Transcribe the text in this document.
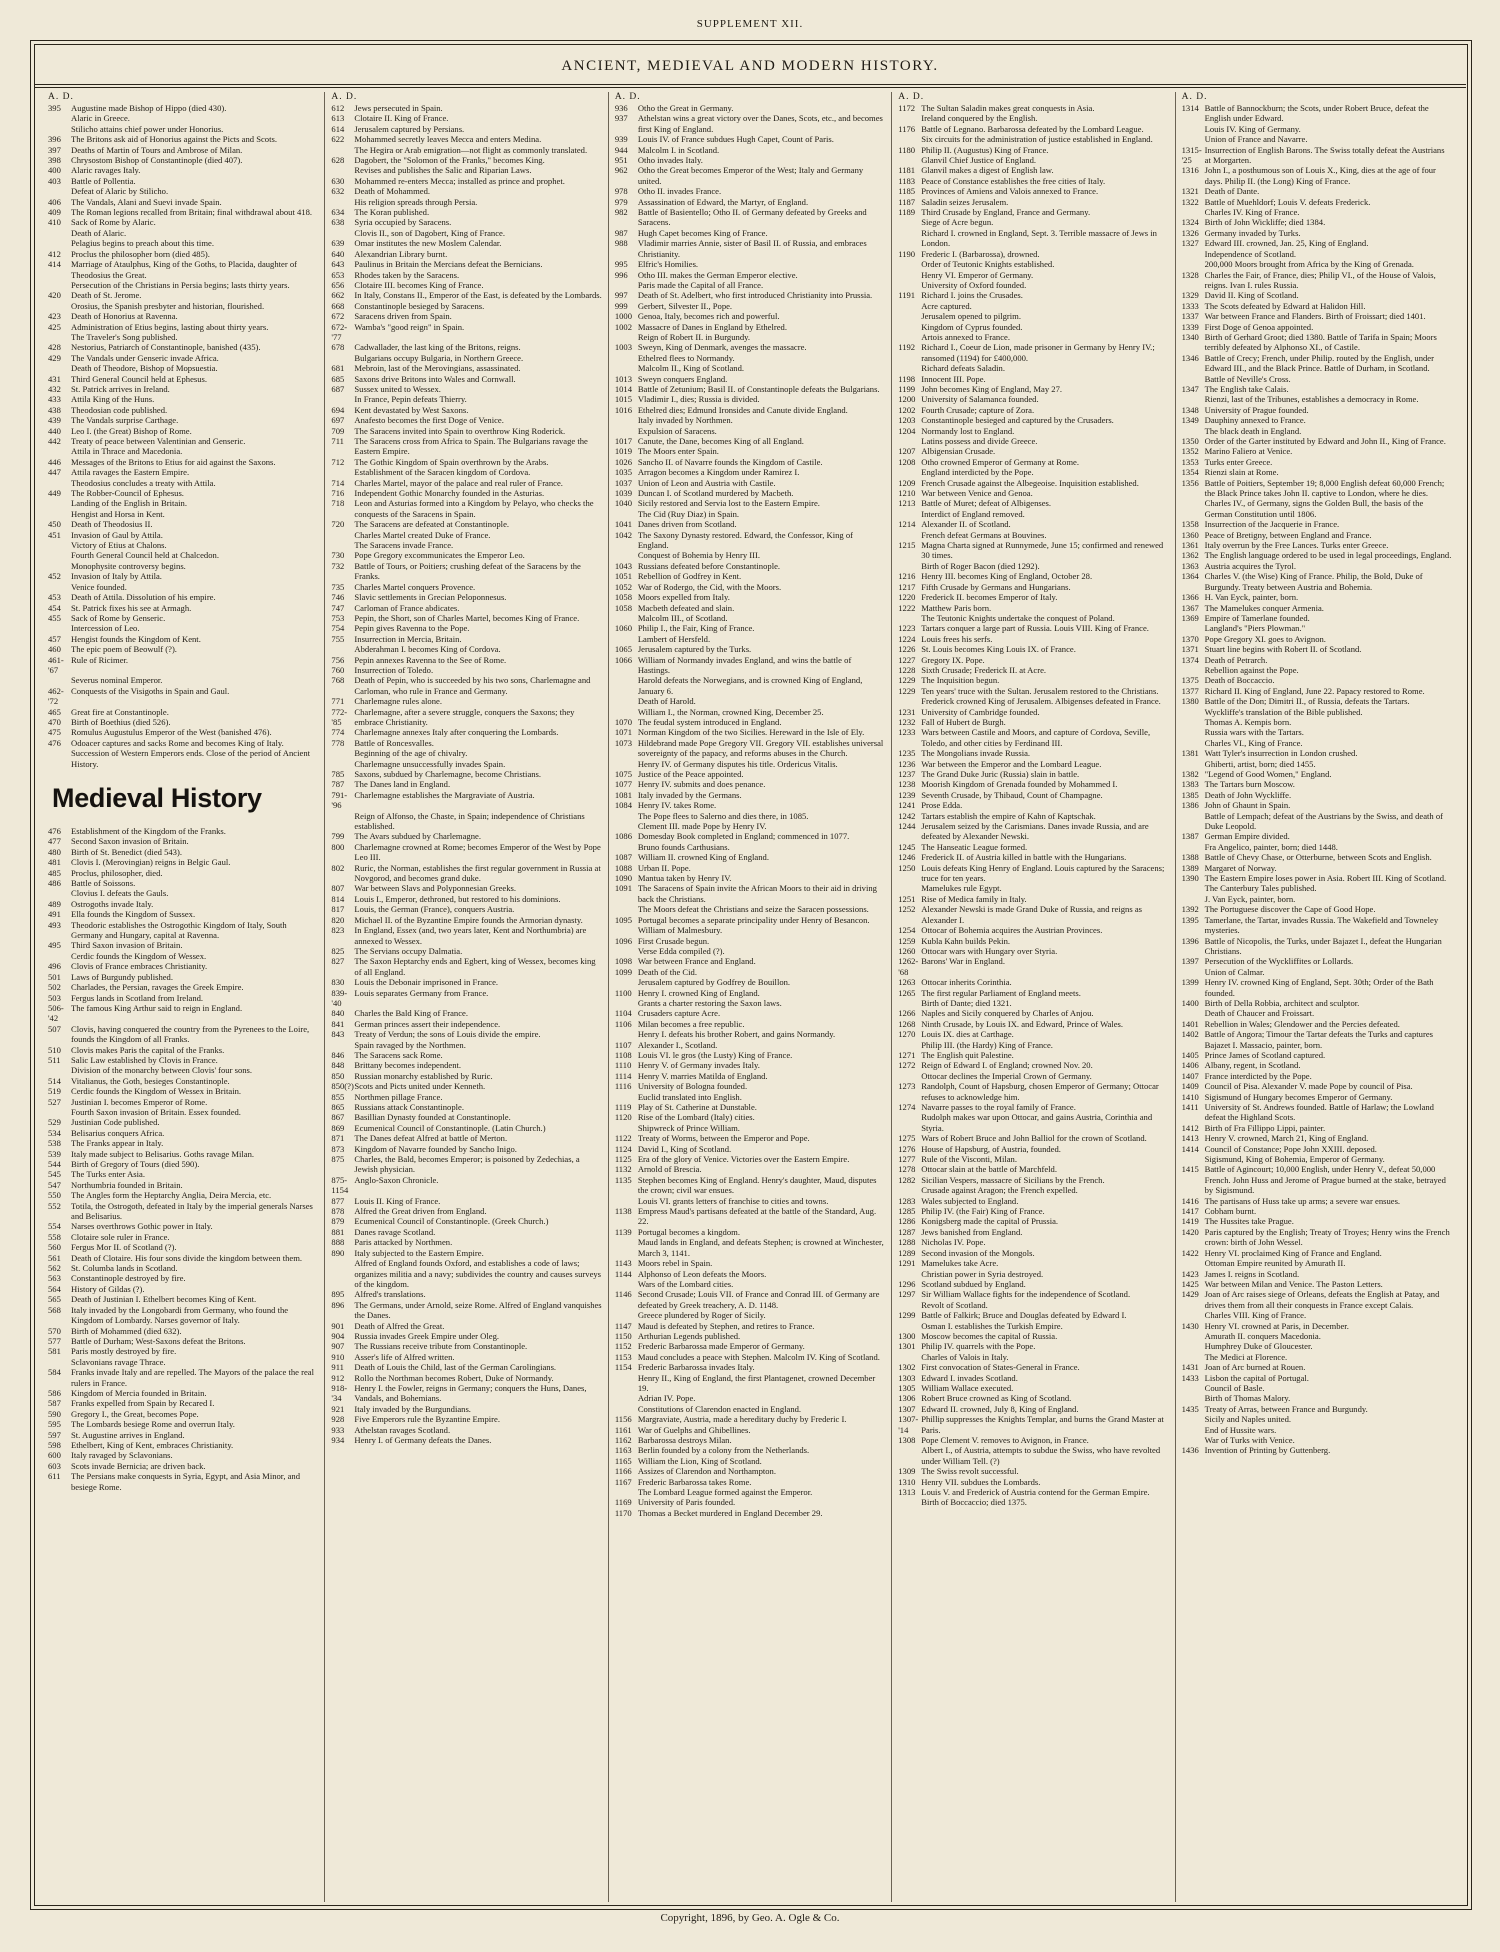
SUPPLEMENT XII.
ANCIENT, MEDIEVAL AND MODERN HISTORY.
A. D.
395	Augustine made Bishop of Hippo (died 430).
Alaric in Greece.
Stilicho attains chief power under Honorius.
396	The Britons ask aid of Honorius against the Picts and Scots.
397	Deaths of Martin of Tours and Ambrose of Milan.
398	Chrysostom Bishop of Constantinople (died 407).
400	Alaric ravages Italy.
403	Battle of Pollentia.
Defeat of Alaric by Stilicho.
406	The Vandals, Alani and Suevi invade Spain.
409	The Roman legions recalled from Britain; final withdrawal about 418.
410	Sack of Rome by Alaric.
Death of Alaric.
Pelagius begins to preach about this time.
412	Proclus the philosopher born (died 485).
414	Marriage of Ataulphus, King of the Goths, to Placida, daughter of Theodosius the Great.
Persecution of the Christians in Persia begins; lasts thirty years.
420	Death of St. Jerome.
Orosius, the Spanish presbyter and historian, flourished.
423	Death of Honorius at Ravenna.
425	Administration of Etius begins, lasting about thirty years.
The Traveler's Song published.
428	Nestorius, Patriarch of Constantinople, banished (435).
429	The Vandals under Genseric invade Africa.
Death of Theodore, Bishop of Mopsuestia.
431	Third General Council held at Ephesus.
432	St. Patrick arrives in Ireland.
433	Attila King of the Huns.
438	Theodosian code published.
439	The Vandals surprise Carthage.
440	Leo I. (the Great) Bishop of Rome.
442	Treaty of peace between Valentinian and Genseric.
Attila in Thrace and Macedonia.
446	Messages of the Britons to Etius for aid against the Saxons.
447	Attila ravages the Eastern Empire.
Theodosius concludes a treaty with Attila.
449	The Robber-Council of Ephesus.
Landing of the English in Britain.
Hengist and Horsa in Kent.
450	Death of Theodosius II.
451	Invasion of Gaul by Attila.
Victory of Etius at Chalons.
Fourth General Council held at Chalcedon.
Monophysite controversy begins.
452	Invasion of Italy by Attila.
Venice founded.
453	Death of Attila. Dissolution of his empire.
454	St. Patrick fixes his see at Armagh.
455	Sack of Rome by Genseric.
Intercession of Leo.
457	Hengist founds the Kingdom of Kent.
460	The epic poem of Beowulf (?).
461-'67
Rule of Ricimer.
Severus nominal Emperor.
462-'72
Conquests of the Visigoths in Spain and Gaul.
465	Great fire at Constantinople.
470	Birth of Boethius (died 526).
475	Romulus Augustulus Emperor of the West (banished 476).
476	Odoacer captures and sacks Rome and becomes King of Italy.
Succession of Western Emperors ends. Close of the period of Ancient History.
Medieval History
476	Establishment of the Kingdom of the Franks.
477	Second Saxon invasion of Britain.
480	Birth of St. Benedict (died 543).
481	Clovis I. (Merovingian) reigns in Belgic Gaul.
485	Proclus, philosopher, died.
486	Battle of Soissons.
Clovius I. defeats the Gauls.
489	Ostrogoths invade Italy.
491	Ella founds the Kingdom of Sussex.
493	Theodoric establishes the Ostrogothic Kingdom of Italy, South Germany and Hungary, capital at Ravenna.
495	Third Saxon invasion of Britain.
Cerdic founds the Kingdom of Wessex.
496	Clovis of France embraces Christianity.
501	Laws of Burgundy published.
502	Charlades, the Persian, ravages the Greek Empire.
503	Fergus lands in Scotland from Ireland.
506-'42
The famous King Arthur said to reign in England.
507	Clovis, having conquered the country from the Pyrenees to the Loire, founds the Kingdom of all Franks.
510	Clovis makes Paris the capital of the Franks.
511	Salic Law established by Clovis in France.
Division of the monarchy between Clovis' four sons.
514	Vitalianus, the Goth, besieges Constantinople.
519	Cerdic founds the Kingdom of Wessex in Britain.
527	Justinian I. becomes Emperor of Rome.
Fourth Saxon invasion of Britain. Essex founded.
529	Justinian Code published.
534	Belisarius conquers Africa.
538	The Franks appear in Italy.
539	Italy made subject to Belisarius. Goths ravage Milan.
544	Birth of Gregory of Tours (died 590).
545	The Turks enter Asia.
547	Northumbria founded in Britain.
550	The Angles form the Heptarchy Anglia, Deira Mercia, etc.
552	Totila, the Ostrogoth, defeated in Italy by the imperial generals Narses and Belisarius.
554	Narses overthrows Gothic power in Italy.
558	Clotaire sole ruler in France.
560	Fergus Mor II. of Scotland (?).
561	Death of Clotaire. His four sons divide the kingdom between them.
562	St. Columba lands in Scotland.
563	Constantinople destroyed by fire.
564	History of Gildas (?).
565	Death of Justinian I. Ethelbert becomes King of Kent.
568	Italy invaded by the Longobardi from Germany, who found the Kingdom of Lombardy. Narses governor of Italy.
570	Birth of Mohammed (died 632).
577	Battle of Durham; West-Saxons defeat the Britons.
581	Paris mostly destroyed by fire.
Sclavonians ravage Thrace.
584	Franks invade Italy and are repelled. The Mayors of the palace the real rulers in France.
586	Kingdom of Mercia founded in Britain.
587	Franks expelled from Spain by Recared I.
590	Gregory I., the Great, becomes Pope.
595	The Lombards besiege Rome and overrun Italy.
597	St. Augustine arrives in England.
598	Ethelbert, King of Kent, embraces Christianity.
600	Italy ravaged by Sclavonians.
603	Scots invade Bernicia; are driven back.
611	The Persians make conquests in Syria, Egypt, and Asia Minor, and besiege Rome.
A. D.
612	Jews persecuted in Spain.
613	Clotaire II. King of France.
614	Jerusalem captured by Persians.
622	Mohammed secretly leaves Mecca and enters Medina.
The Hegira or Arab emigration—not flight as commonly translated.
628	Dagobert, the "Solomon of the Franks," becomes King.
Revises and publishes the Salic and Riparian Laws.
630	Mohammed re-enters Mecca; installed as prince and prophet.
632	Death of Mohammed.
His religion spreads through Persia.
634	The Koran published.
638	Syria occupied by Saracens.
Clovis II., son of Dagobert, King of France.
639	Omar institutes the new Moslem Calendar.
640	Alexandrian Library burnt.
643	Paulinus in Britain the Mercians defeat the Bernicians.
653	Rhodes taken by the Saracens.
656	Clotaire III. becomes King of France.
662	In Italy, Constans II., Emperor of the East, is defeated by the Lombards.
668	Constantinople besieged by Saracens.
672	Saracens driven from Spain.
672-'77
Wamba's "good reign" in Spain.
678	Cadwallader, the last king of the Britons, reigns.
Bulgarians occupy Bulgaria, in Northern Greece.
681	Mebroin, last of the Merovingians, assassinated.
685	Saxons drive Britons into Wales and Cornwall.
687	Sussex united to Wessex.
In France, Pepin defeats Thierry.
694	Kent devastated by West Saxons.
697	Anafesto becomes the first Doge of Venice.
709	The Saracens invited into Spain to overthrow King Roderick.
711	The Saracens cross from Africa to Spain. The Bulgarians ravage the Eastern Empire.
712	The Gothic Kingdom of Spain overthrown by the Arabs.
Establishment of the Saracen kingdom of Cordova.
714	Charles Martel, mayor of the palace and real ruler of France.
716	Independent Gothic Monarchy founded in the Asturias.
718	Leon and Asturias formed into a Kingdom by Pelayo, who checks the conquests of the Saracens in Spain.
720	The Saracens are defeated at Constantinople.
Charles Martel created Duke of France.
The Saracens invade France.
730	Pope Gregory excommunicates the Emperor Leo.
732	Battle of Tours, or Poitiers; crushing defeat of the Saracens by the Franks.
735	Charles Martel conquers Provence.
746	Slavic settlements in Grecian Peloponnesus.
747	Carloman of France abdicates.
753	Pepin, the Short, son of Charles Martel, becomes King of France.
754	Pepin gives Ravenna to the Pope.
755	Insurrection in Mercia, Britain.
Abderahman I. becomes King of Cordova.
756	Pepin annexes Ravenna to the See of Rome.
760	Insurrection of Toledo.
768	Death of Pepin, who is succeeded by his two sons, Charlemagne and Carloman, who rule in France and Germany.
771	Charlemagne rules alone.
772-'85
Charlemagne, after a severe struggle, conquers the Saxons; they embrace Christianity.
774	Charlemagne annexes Italy after conquering the Lombards.
778	Battle of Roncesvalles.
Beginning of the age of chivalry.
Charlemagne unsuccessfully invades Spain.
785	Saxons, subdued by Charlemagne, become Christians.
787	The Danes land in England.
791-'96
Charlemagne establishes the Margraviate of Austria.
Reign of Alfonso, the Chaste, in Spain; independence of Christians established.
799	The Avars subdued by Charlemagne.
800	Charlemagne crowned at Rome; becomes Emperor of the West by Pope Leo III.
802	Ruric, the Norman, establishes the first regular government in Russia at Novgorod, and becomes grand duke.
807	War between Slavs and Polyponnesian Greeks.
814	Louis I., Emperor, dethroned, but restored to his dominions.
817	Louis, the German (France), conquers Austria.
820	Michael II. of the Byzantine Empire founds the Armorian dynasty.
823	In England, Essex (and, two years later, Kent and Northumbria) are annexed to Wessex.
825	The Servians occupy Dalmatia.
827	The Saxon Heptarchy ends and Egbert, king of Wessex, becomes king of all England.
830	Louis the Debonair imprisoned in France.
839-'40
Louis separates Germany from France.
840	Charles the Bald King of France.
841	German princes assert their independence.
843	Treaty of Verdun; the sons of Louis divide the empire.
Spain ravaged by the Northmen.
846	The Saracens sack Rome.
848	Brittany becomes independent.
850	Russian monarchy established by Ruric.
850(?) Scots and Picts united under Kenneth.
855	Northmen pillage France.
865	Russians attack Constantinople.
867	Basillian Dynasty founded at Constantinople.
869	Ecumenical Council of Constantinople. (Latin Church.)
871	The Danes defeat Alfred at battle of Merton.
873	Kingdom of Navarre founded by Sancho Inigo.
875	Charles, the Bald, becomes Emperor; is poisoned by Zedechias, a Jewish physician.
875-1154
Anglo-Saxon Chronicle.
877	Louis II. King of France.
878	Alfred the Great driven from England.
879	Ecumenical Council of Constantinople. (Greek Church.)
881	Danes ravage Scotland.
888	Paris attacked by Northmen.
890	Italy subjected to the Eastern Empire.
Alfred of England founds Oxford, and establishes a code of laws; organizes militia and a navy; subdivides the country and causes surveys of the kingdom.
895	Alfred's translations.
896	The Germans, under Arnold, seize Rome. Alfred of England vanquishes the Danes.
901	Death of Alfred the Great.
904	Russia invades Greek Empire under Oleg.
907	The Russians receive tribute from Constantinople.
910	Asser's life of Alfred written.
911	Death of Louis the Child, last of the German Carolingians.
912	Rollo the Northman becomes Robert, Duke of Normandy.
918-'34
Henry I. the Fowler, reigns in Germany; conquers the Huns, Danes, Vandals, and Bohemians.
921	Italy invaded by the Burgundians.
928	Five Emperors rule the Byzantine Empire.
933	Athelstan ravages Scotland.
934	Henry I. of Germany defeats the Danes.
A. D.
936	Otho the Great in Germany.
937	Athelstan wins a great victory over the Danes, Scots, etc., and becomes first King of England.
939	Louis IV. of France subdues Hugh Capet, Count of Paris.
944	Malcolm I. in Scotland.
951	Otho invades Italy.
962	Otho the Great becomes Emperor of the West; Italy and Germany united.
978	Otho II. invades France.
979	Assassination of Edward, the Martyr, of England.
982	Battle of Basientello; Otho II. of Germany defeated by Greeks and Saracens.
987	Hugh Capet becomes King of France.
988	Vladimir marries Annie, sister of Basil II. of Russia, and embraces Christianity.
995	Elfric's Homilies.
996	Otho III. makes the German Emperor elective.
Paris made the Capital of all France.
997	Death of St. Adelbert, who first introduced Christianity into Prussia.
999	Gerbert, Silvester II., Pope.
1000 Genoa, Italy, becomes rich and powerful.
1002 Massacre of Danes in England by Ethelred.
Reign of Robert II. in Burgundy.
1003 Sweyn, King of Denmark, avenges the massacre.
Ethelred flees to Normandy.
Malcolm II., King of Scotland.
1013 Sweyn conquers England.
1014 Battle of Zetunium; Basil II. of Constantinople defeats the Bulgarians.
1015 Vladimir I., dies; Russia is divided.
1016 Ethelred dies; Edmund Ironsides and Canute divide England.
Italy invaded by Northmen.
Expulsion of Saracens.
1017 Canute, the Dane, becomes King of all England.
1019 The Moors enter Spain.
1026 Sancho II. of Navarre founds the Kingdom of Castile.
1035 Arragon becomes a Kingdom under Ramirez I.
1037 Union of Leon and Austria with Castile.
1039 Duncan I. of Scotland murdered by Macbeth.
1040 Sicily restored and Servia lost to the Eastern Empire.
The Cid (Ruy Diaz) in Spain.
1041 Danes driven from Scotland.
1042 The Saxony Dynasty restored. Edward, the Confessor, King of England.
Conquest of Bohemia by Henry III.
1043 Russians defeated before Constantinople.
1051 Rebellion of Godfrey in Kent.
1052 War of Rodergo, the Cid, with the Moors.
1058 Moors expelled from Italy.
1058 Macbeth defeated and slain.
Malcolm III., of Scotland.
1060 Philip I., the Fair, King of France.
Lambert of Hersfeld.
1065 Jerusalem captured by the Turks.
1066 William of Normandy invades England, and wins the battle of Hastings.
Harold defeats the Norwegians, and is crowned King of England, January 6.
Death of Harold.
William I., the Norman, crowned King, December 25.
1070 The feudal system introduced in England.
1071 Norman Kingdom of the two Sicilies. Hereward in the Isle of Ely.
1073 Hildebrand made Pope Gregory VII. Gregory VII. establishes universal sovereignty of the papacy, and reforms abuses in the Church.
Henry IV. of Germany disputes his title. Ordericus Vitalis.
1075 Justice of the Peace appointed.
1077 Henry IV. submits and does penance.
1081 Italy invaded by the Germans.
1084 Henry IV. takes Rome.
The Pope flees to Salerno and dies there, in 1085.
Clement III. made Pope by Henry IV.
1086 Domesday Book completed in England; commenced in 1077.
Bruno founds Carthusians.
1087 William II. crowned King of England.
1088 Urban II. Pope.
1090 Mantua taken by Henry IV.
1091 The Saracens of Spain invite the African Moors to their aid in driving back the Christians.
The Moors defeat the Christians and seize the Saracen possessions.
1095 Portugal becomes a separate principality under Henry of Besancon.
William of Malmesbury.
1096 First Crusade begun.
Verse Edda compiled (?).
1098 War between France and England.
1099 Death of the Cid.
Jerusalem captured by Godfrey de Bouillon.
1100 Henry I. crowned King of England.
Grants a charter restoring the Saxon laws.
1104 Crusaders capture Acre.
1106 Milan becomes a free republic.
Henry I. defeats his brother Robert, and gains Normandy.
1107 Alexander I., Scotland.
1108 Louis VI. le gros (the Lusty) King of France.
1110 Henry V. of Germany invades Italy.
1114 Henry V. marries Matilda of England.
1116 University of Bologna founded.
Euclid translated into English.
1119 Play of St. Catherine at Dunstable.
1120 Rise of the Lombard (Italy) cities.
Shipwreck of Prince William.
1122 Treaty of Worms, between the Emperor and Pope.
1124 David I., King of Scotland.
1125 Era of the glory of Venice. Victories over the Eastern Empire.
1132 Arnold of Brescia.
1135 Stephen becomes King of England. Henry's daughter, Maud, disputes the crown; civil war ensues.
Louis VI. grants letters of franchise to cities and towns.
1138 Empress Maud's partisans defeated at the battle of the Standard, Aug. 22.
1139 Portugal becomes a kingdom.
Maud lands in England, and defeats Stephen; is crowned at Winchester, March 3, 1141.
1143 Moors rebel in Spain.
1144 Alphonso of Leon defeats the Moors.
Wars of the Lombard cities.
1146 Second Crusade; Louis VII. of France and Conrad III. of Germany are defeated by Greek treachery, A. D. 1148.
Greece plundered by Roger of Sicily.
1147 Maud is defeated by Stephen, and retires to France.
1150 Arthurian Legends published.
1152 Frederic Barbarossa made Emperor of Germany.
1153 Maud concludes a peace with Stephen. Malcolm IV. King of Scotland.
1154 Frederic Barbarossa invades Italy.
Henry II., King of England, the first Plantagenet, crowned December 19.
Adrian IV. Pope.
Constitutions of Clarendon enacted in England.
1156 Margraviate, Austria, made a hereditary duchy by Frederic I.
1161 War of Guelphs and Ghibellines.
1162 Barbarossa destroys Milan.
1163 Berlin founded by a colony from the Netherlands.
1165 William the Lion, King of Scotland.
1166 Assizes of Clarendon and Northampton.
1167 Frederic Barbarossa takes Rome.
The Lombard League formed against the Emperor.
1169 University of Paris founded.
1170 Thomas a Becket murdered in England December 29.
A. D.
1172 The Sultan Saladin makes great conquests in Asia.
Ireland conquered by the English.
1176 Battle of Legnano. Barbarossa defeated by the Lombard League.
Six circuits for the administration of justice established in England.
1180 Philip II. (Augustus) King of France.
Glanvil Chief Justice of England.
1181 Glanvil makes a digest of English law.
1183 Peace of Constance establishes the free cities of Italy.
1185 Provinces of Amiens and Valois annexed to France.
1187 Saladin seizes Jerusalem.
1189 Third Crusade by England, France and Germany.
Siege of Acre begun.
Richard I. crowned in England, Sept. 3. Terrible massacre of Jews in London.
1190 Frederic I. (Barbarossa), drowned.
Order of Teutonic Knights established.
Henry VI. Emperor of Germany.
University of Oxford founded.
1191 Richard I. joins the Crusades.
Acre captured.
Jerusalem opened to pilgrim.
Kingdom of Cyprus founded.
Artois annexed to France.
1192 Richard I., Coeur de Lion, made prisoner in Germany by Henry IV.; ransomed (1194) for £400,000.
Richard defeats Saladin.
1198 Innocent III. Pope.
1199 John becomes King of England, May 27.
1200 University of Salamanca founded.
1202 Fourth Crusade; capture of Zora.
1203 Constantinople besieged and captured by the Crusaders.
1204 Normandy lost to England.
Latins possess and divide Greece.
1207 Albigensian Crusade.
1208 Otho crowned Emperor of Germany at Rome.
England interdicted by the Pope.
1209 French Crusade against the Albegeoise. Inquisition established.
1210 War between Venice and Genoa.
1213 Battle of Muret; defeat of Albigenses.
Interdict of England removed.
1214 Alexander II. of Scotland.
French defeat Germans at Bouvines.
1215 Magna Charta signed at Runnymede, June 15; confirmed and renewed 30 times.
Birth of Roger Bacon (died 1292).
1216 Henry III. becomes King of England, October 28.
1217 Fifth Crusade by Germans and Hungarians.
1220 Frederick II. becomes Emperor of Italy.
1222 Matthew Paris born.
The Teutonic Knights undertake the conquest of Poland.
1223 Tartars conquer a large part of Russia. Louis VIII. King of France.
1224 Louis frees his serfs.
1226 St. Louis becomes King Louis IX. of France.
1227 Gregory IX. Pope.
1228 Sixth Crusade; Frederick II. at Acre.
1229 The Inquisition begun.
1229 Ten years' truce with the Sultan. Jerusalem restored to the Christians. Frederick crowned King of Jerusalem. Albigenses defeated in France.
1231 University of Cambridge founded.
1232 Fall of Hubert de Burgh.
1233 Wars between Castile and Moors, and capture of Cordova, Seville, Toledo, and other cities by Ferdinand III.
1235 The Mongolians invade Russia.
1236 War between the Emperor and the Lombard League.
1237 The Grand Duke Juric (Russia) slain in battle.
1238 Moorish Kingdom of Grenada founded by Mohammed I.
1239 Seventh Crusade, by Thibaud, Count of Champagne.
1241 Prose Edda.
1242 Tartars establish the empire of Kahn of Kaptschak.
1244 Jerusalem seized by the Carismians. Danes invade Russia, and are defeated by Alexander Newski.
1245 The Hanseatic League formed.
1246 Frederick II. of Austria killed in battle with the Hungarians.
1250 Louis defeats King Henry of England. Louis captured by the Saracens; truce for ten years.
Mamelukes rule Egypt.
1251 Rise of Medica family in Italy.
1252 Alexander Newski is made Grand Duke of Russia, and reigns as Alexander I.
1254 Ottocar of Bohemia acquires the Austrian Provinces.
1259 Kubla Kahn builds Pekin.
1260 Ottocar wars with Hungary over Styria.
1262-'68
Barons' War in England.
1263 Ottocar inherits Corinthia.
1265 The first regular Parliament of England meets.
Birth of Dante; died 1321.
1266 Naples and Sicily conquered by Charles of Anjou.
1268 Ninth Crusade, by Louis IX. and Edward, Prince of Wales.
1270 Louis IX. dies at Carthage.
Philip III. (the Hardy) King of France.
1271 The English quit Palestine.
1272 Reign of Edward I. of England; crowned Nov. 20.
Ottocar declines the Imperial Crown of Germany.
1273 Randolph, Count of Hapsburg, chosen Emperor of Germany; Ottocar refuses to acknowledge him.
1274 Navarre passes to the royal family of France.
Rudolph makes war upon Ottocar, and gains Austria, Corinthia and Styria.
1275 Wars of Robert Bruce and John Balliol for the crown of Scotland.
1276 House of Hapsburg, of Austria, founded.
1277 Rule of the Visconti, Milan.
1278 Ottocar slain at the battle of Marchfeld.
1282 Sicilian Vespers, massacre of Sicilians by the French.
Crusade against Aragon; the French expelled.
1283 Wales subjected to England.
1285 Philip IV. (the Fair) King of France.
1286 Konigsberg made the capital of Prussia.
1287 Jews banished from England.
1288 Nicholas IV. Pope.
1289 Second invasion of the Mongols.
1291 Mamelukes take Acre.
Christian power in Syria destroyed.
1296 Scotland subdued by England.
1297 Sir William Wallace fights for the independence of Scotland.
Revolt of Scotland.
1299 Battle of Falkirk; Bruce and Douglas defeated by Edward I.
Osman I. establishes the Turkish Empire.
1300 Moscow becomes the capital of Russia.
1301 Philip IV. quarrels with the Pope.
Charles of Valois in Italy.
1302 First convocation of States-General in France.
1303 Edward I. invades Scotland.
1305 William Wallace executed.
1306 Robert Bruce crowned as King of Scotland.
1307 Edward II. crowned, July 8, King of England.
1307-'14
Phillip suppresses the Knights Templar, and burns the Grand Master at Paris.
1308 Pope Clement V. removes to Avignon, in France.
Albert I., of Austria, attempts to subdue the Swiss, who have revolted under William Tell. (?)
1309 The Swiss revolt successful.
1310 Henry VII. subdues the Lombards.
1313 Louis V. and Frederick of Austria contend for the German Empire.
Birth of Boccaccio; died 1375.
A. D.
1314 Battle of Bannockburn; the Scots, under Robert Bruce, defeat the English under Edward.
Louis IV. King of Germany.
Union of France and Navarre.
1315-'25
Insurrection of English Barons. The Swiss totally defeat the Austrians at Morgarten.
1316 John I., a posthumous son of Louis X., King, dies at the age of four days. Philip II. (the Long) King of France.
1321 Death of Dante.
1322 Battle of Muehldorf; Louis V. defeats Frederick.
Charles IV. King of France.
1324 Birth of John Wickliffe; died 1384.
1326 Germany invaded by Turks.
1327 Edward III. crowned, Jan. 25, King of England.
Independence of Scotland.
200,000 Moors brought from Africa by the King of Grenada.
1328 Charles the Fair, of France, dies; Philip VI., of the House of Valois, reigns. Ivan I. rules Russia.
1329 David II. King of Scotland.
1333 The Scots defeated by Edward at Halidon Hill.
1337 War between France and Flanders. Birth of Froissart; died 1401.
1339 First Doge of Genoa appointed.
1340 Birth of Gerhard Groot; died 1380. Battle of Tarifa in Spain; Moors terribly defeated by Alphonso XI., of Castile.
1346 Battle of Crecy; French, under Philip. routed by the English, under Edward III., and the Black Prince. Battle of Durham, in Scotland. Battle of Neville's Cross.
1347 The English take Calais.
Rienzi, last of the Tribunes, establishes a democracy in Rome.
1348 University of Prague founded.
1349 Dauphiny annexed to France.
The black death in England.
1350 Order of the Garter instituted by Edward and John II., King of France.
1352 Marino Faliero at Venice.
1353 Turks enter Greece.
1354 Rienzi slain at Rome.
1356 Battle of Poitiers, September 19; 8,000 English defeat 60,000 French; the Black Prince takes John II. captive to London, where he dies.
Charles IV., of Germany, signs the Golden Bull, the basis of the German Constitution until 1806.
1358 Insurrection of the Jacquerie in France.
1360 Peace of Bretigny, between England and France.
1361 Italy overrun by the Free Lances. Turks enter Greece.
1362 The English language ordered to be used in legal proceedings, England.
1363 Austria acquires the Tyrol.
1364 Charles V. (the Wise) King of France. Philip, the Bold, Duke of Burgundy. Treaty between Austria and Bohemia.
1366 H. Van Eyck, painter, born.
1367 The Mamelukes conquer Armenia.
1369 Empire of Tamerlane founded.
Langland's "Piers Plowman."
1370 Pope Gregory XI. goes to Avignon.
1371 Stuart line begins with Robert II. of Scotland.
1374 Death of Petrarch.
Rebellion against the Pope.
1375 Death of Boccaccio.
1377 Richard II. King of England, June 22. Papacy restored to Rome.
1380 Battle of the Don; Dimitri II., of Russia, defeats the Tartars.
Wyckliffe's translation of the Bible published.
Thomas A. Kempis born.
Russia wars with the Tartars.
Charles VI., King of France.
1381 Watt Tyler's insurrection in London crushed.
Ghiberti, artist, born; died 1455.
1382 "Legend of Good Women," England.
1383 The Tartars burn Moscow.
1385 Death of John Wyckliffe.
1386 John of Ghaunt in Spain.
Battle of Lempach; defeat of the Austrians by the Swiss, and death of Duke Leopold.
1387 German Empire divided.
Fra Angelico, painter, born; died 1448.
1388 Battle of Chevy Chase, or Otterburne, between Scots and English.
1389 Margaret of Norway.
1390 The Eastern Empire loses power in Asia. Robert III. King of Scotland. The Canterbury Tales published.
J. Van Eyck, painter, born.
1392 The Portuguese discover the Cape of Good Hope.
1395 Tamerlane, the Tartar, invades Russia. The Wakefield and Towneley mysteries.
1396 Battle of Nicopolis, the Turks, under Bajazet I., defeat the Hungarian Christians.
1397 Persecution of the Wyckliffites or Lollards.
Union of Calmar.
1399 Henry IV. crowned King of England, Sept. 30th; Order of the Bath founded.
1400 Birth of Della Robbia, architect and sculptor.
Death of Chaucer and Froissart.
1401 Rebellion in Wales; Glendower and the Percies defeated.
1402 Battle of Angora; Timour the Tartar defeats the Turks and captures Bajazet I. Massacio, painter, born.
1405 Prince James of Scotland captured.
1406 Albany, regent, in Scotland.
1407 France interdicted by the Pope.
1409 Council of Pisa. Alexander V. made Pope by council of Pisa.
1410 Sigismund of Hungary becomes Emperor of Germany.
1411 University of St. Andrews founded. Battle of Harlaw; the Lowland defeat the Highland Scots.
1412 Birth of Fra Fillippo Lippi, painter.
1413 Henry V. crowned, March 21, King of England.
1414 Council of Constance; Pope John XXIII. deposed.
Sigismund, King of Bohemia, Emperor of Germany.
1415 Battle of Agincourt; 10,000 English, under Henry V., defeat 50,000 French. John Huss and Jerome of Prague burned at the stake, betrayed by Sigismund.
1416 The partisans of Huss take up arms; a severe war ensues.
1417 Cobham burnt.
1419 The Hussites take Prague.
1420 Paris captured by the English; Treaty of Troyes; Henry wins the French crown: birth of John Wessel.
1422 Henry VI. proclaimed King of France and England.
Ottoman Empire reunited by Amurath II.
1423 James I. reigns in Scotland.
1425 War between Milan and Venice. The Paston Letters.
1429 Joan of Arc raises siege of Orleans, defeats the English at Patay, and drives them from all their conquests in France except Calais.
Charles VIII. King of France.
1430 Henry VI. crowned at Paris, in December.
Amurath II. conquers Macedonia.
Humphrey Duke of Gloucester.
The Medici at Florence.
1431 Joan of Arc burned at Rouen.
1433 Lisbon the capital of Portugal.
Council of Basle.
Birth of Thomas Malory.
1435 Treaty of Arras, between France and Burgundy.
Sicily and Naples united.
End of Hussite wars.
War of Turks with Venice.
1436 Invention of Printing by Guttenberg.
Copyright, 1896, by Geo. A. Ogle & Co.
